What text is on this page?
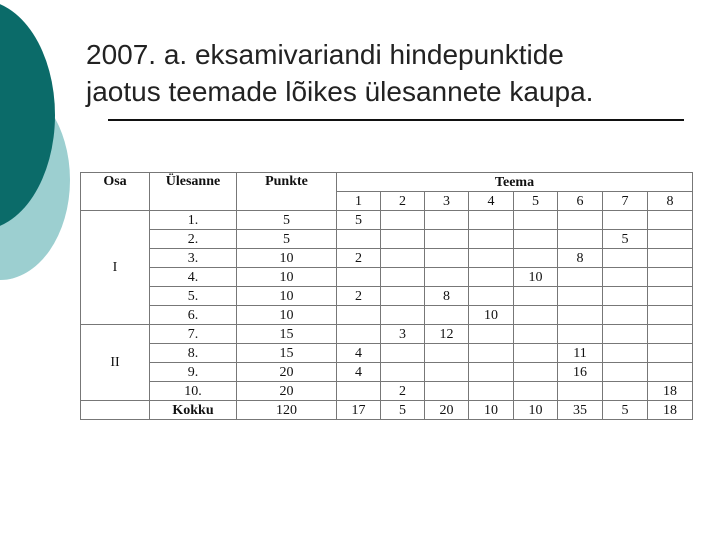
2007. a. eksamivariandi hindepunktide
jaotus teemade lõikes ülesannete kaupa.
Osa	Ülesanne	Punkte	Teema							
			1	2	3	4	5	6	7	8
I	1.	5	5							
	2.	5							5	
	3.	10	2					8		
	4.	10					10			
	5.	10	2		8					
	6.	10				10				
II	7.	15		3	12					
	8.	15	4					11		
	9.	20	4					16		
	10.	20		2						18
	Kokku	120	17	5	20	10	10	35	5	18
